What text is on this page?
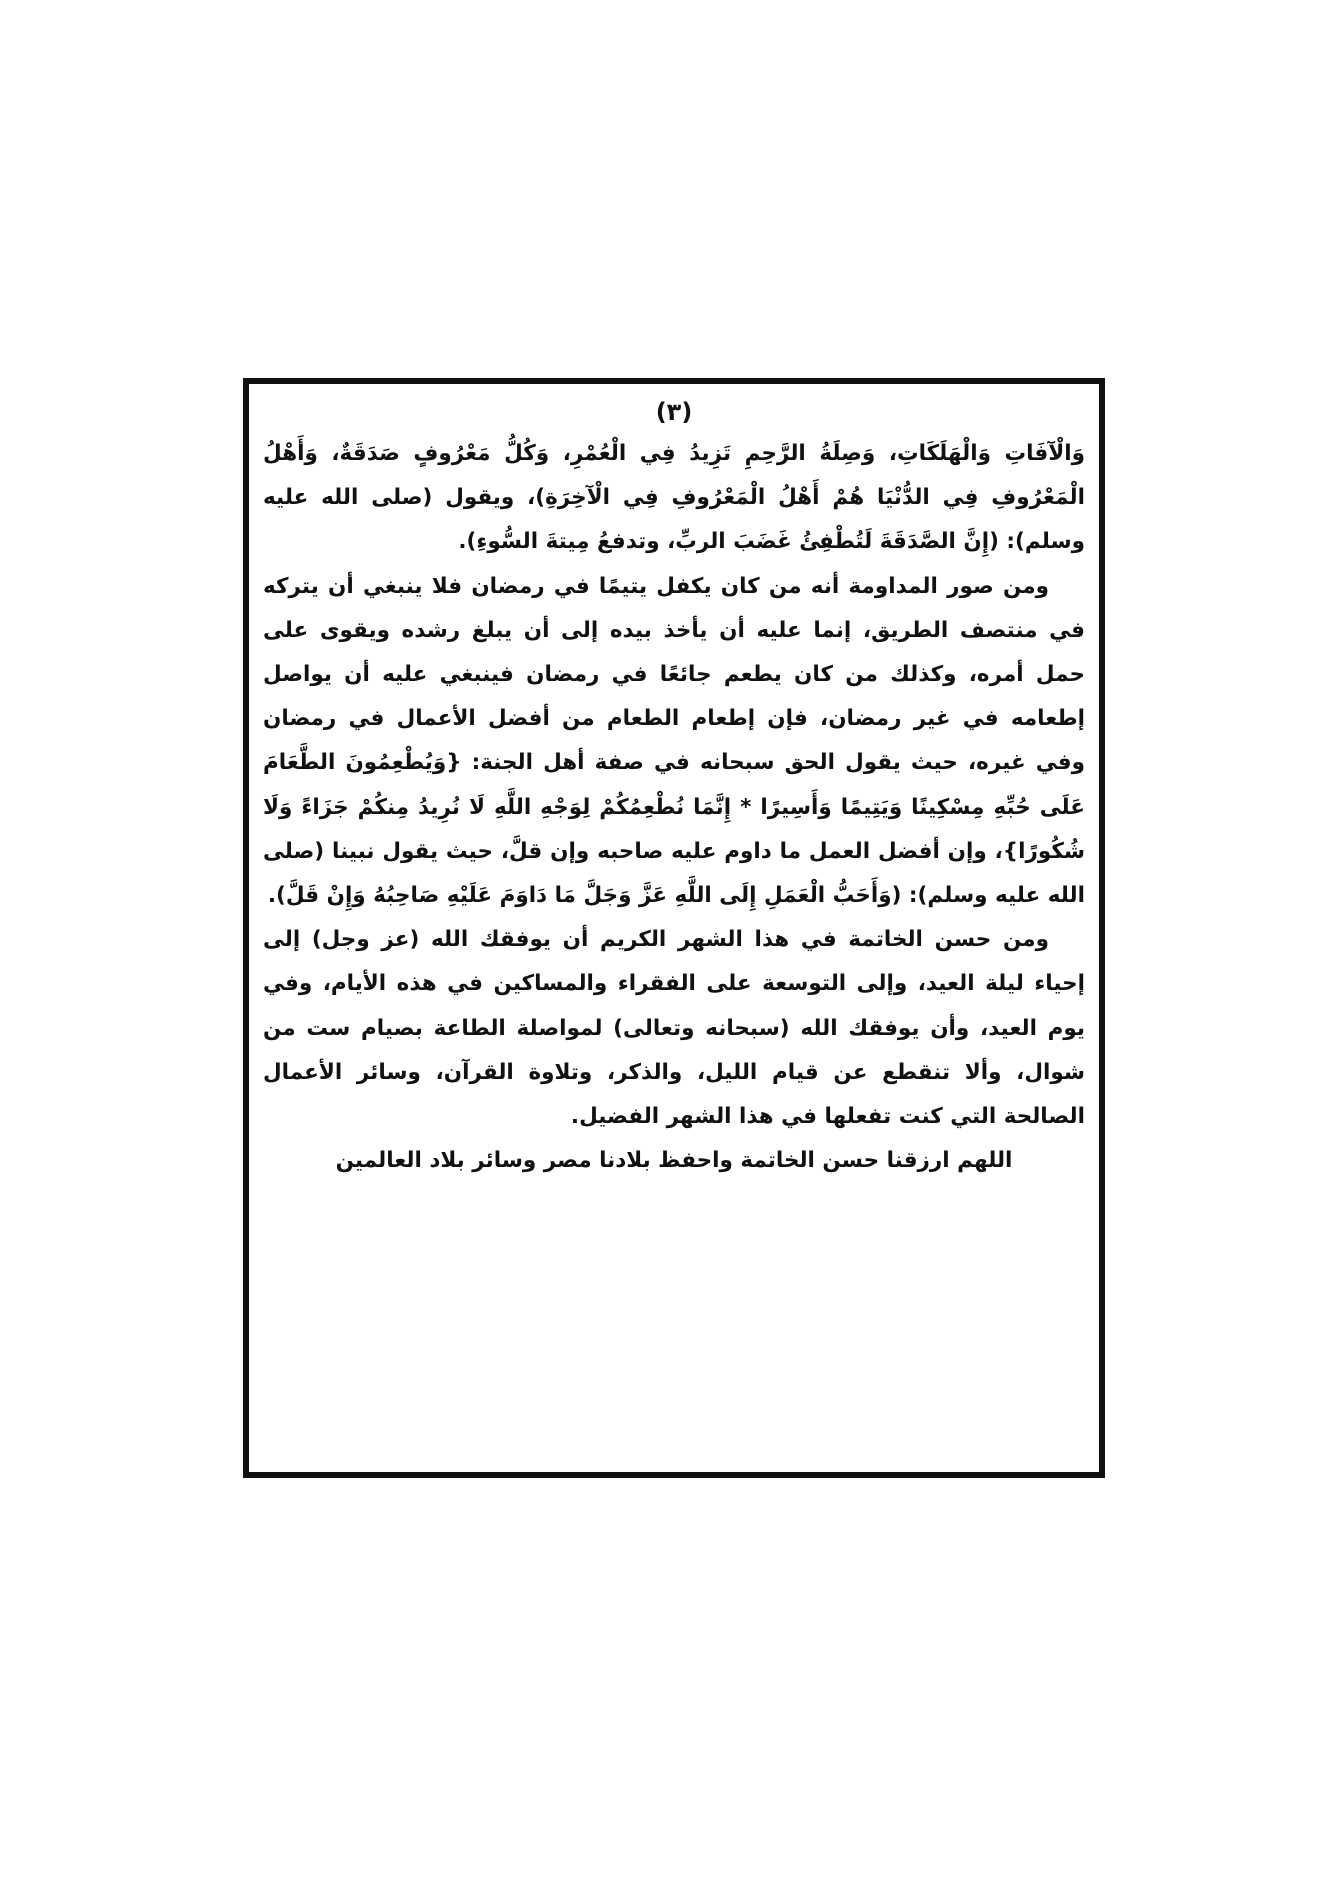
(٣)

وَالْآفَاتِ وَالْهَلَكَاتِ، وَصِلَةُ الرَّحِمِ تَزِيدُ فِي الْعُمْرِ، وَكُلُّ مَعْرُوفٍ صَدَقَةٌ، وَأَهْلُ الْمَعْرُوفِ فِي الدُّنْيَا هُمْ أَهْلُ الْمَعْرُوفِ فِي الْآخِرَةِ)، ويقول (صلى الله عليه وسلم): (إِنَّ الصَّدَقَةَ لَتُطْفِئُ غَضَبَ الربِّ، وتدفعُ مِيتةَ السُّوءِ).

ومن صور المداومة أنه من كان يكفل يتيمًا في رمضان فلا ينبغي أن يتركه في منتصف الطريق، إنما عليه أن يأخذ بيده إلى أن يبلغ رشده ويقوى على حمل أمره، وكذلك من كان يطعم جائعًا في رمضان فينبغي عليه أن يواصل إطعامه في غير رمضان، فإن إطعام الطعام من أفضل الأعمال في رمضان وفي غيره، حيث يقول الحق سبحانه في صفة أهل الجنة: {وَيُطْعِمُونَ الطَّعَامَ عَلَى حُبِّهِ مِسْكِينًا وَيَتِيمًا وَأَسِيرًا * إِنَّمَا نُطْعِمُكُمْ لِوَجْهِ اللَّهِ لَا نُرِيدُ مِنكُمْ جَزَاءً وَلَا شُكُورًا}، وإن أفضل العمل ما داوم عليه صاحبه وإن قلَّ، حيث يقول نبينا (صلى الله عليه وسلم): (وَأَحَبُّ الْعَمَلِ إِلَى اللَّهِ عَزَّ وَجَلَّ مَا دَاوَمَ عَلَيْهِ صَاحِبُهُ وَإِنْ قَلَّ).

ومن حسن الخاتمة في هذا الشهر الكريم أن يوفقك الله (عز وجل) إلى إحياء ليلة العيد، وإلى التوسعة على الفقراء والمساكين في هذه الأيام، وفي يوم العيد، وأن يوفقك الله (سبحانه وتعالى) لمواصلة الطاعة بصيام ست من شوال، وألا تنقطع عن قيام الليل، والذكر، وتلاوة القرآن، وسائر الأعمال الصالحة التي كنت تفعلها في هذا الشهر الفضيل.

اللهم ارزقنا حسن الخاتمة واحفظ بلادنا مصر وسائر بلاد العالمين
